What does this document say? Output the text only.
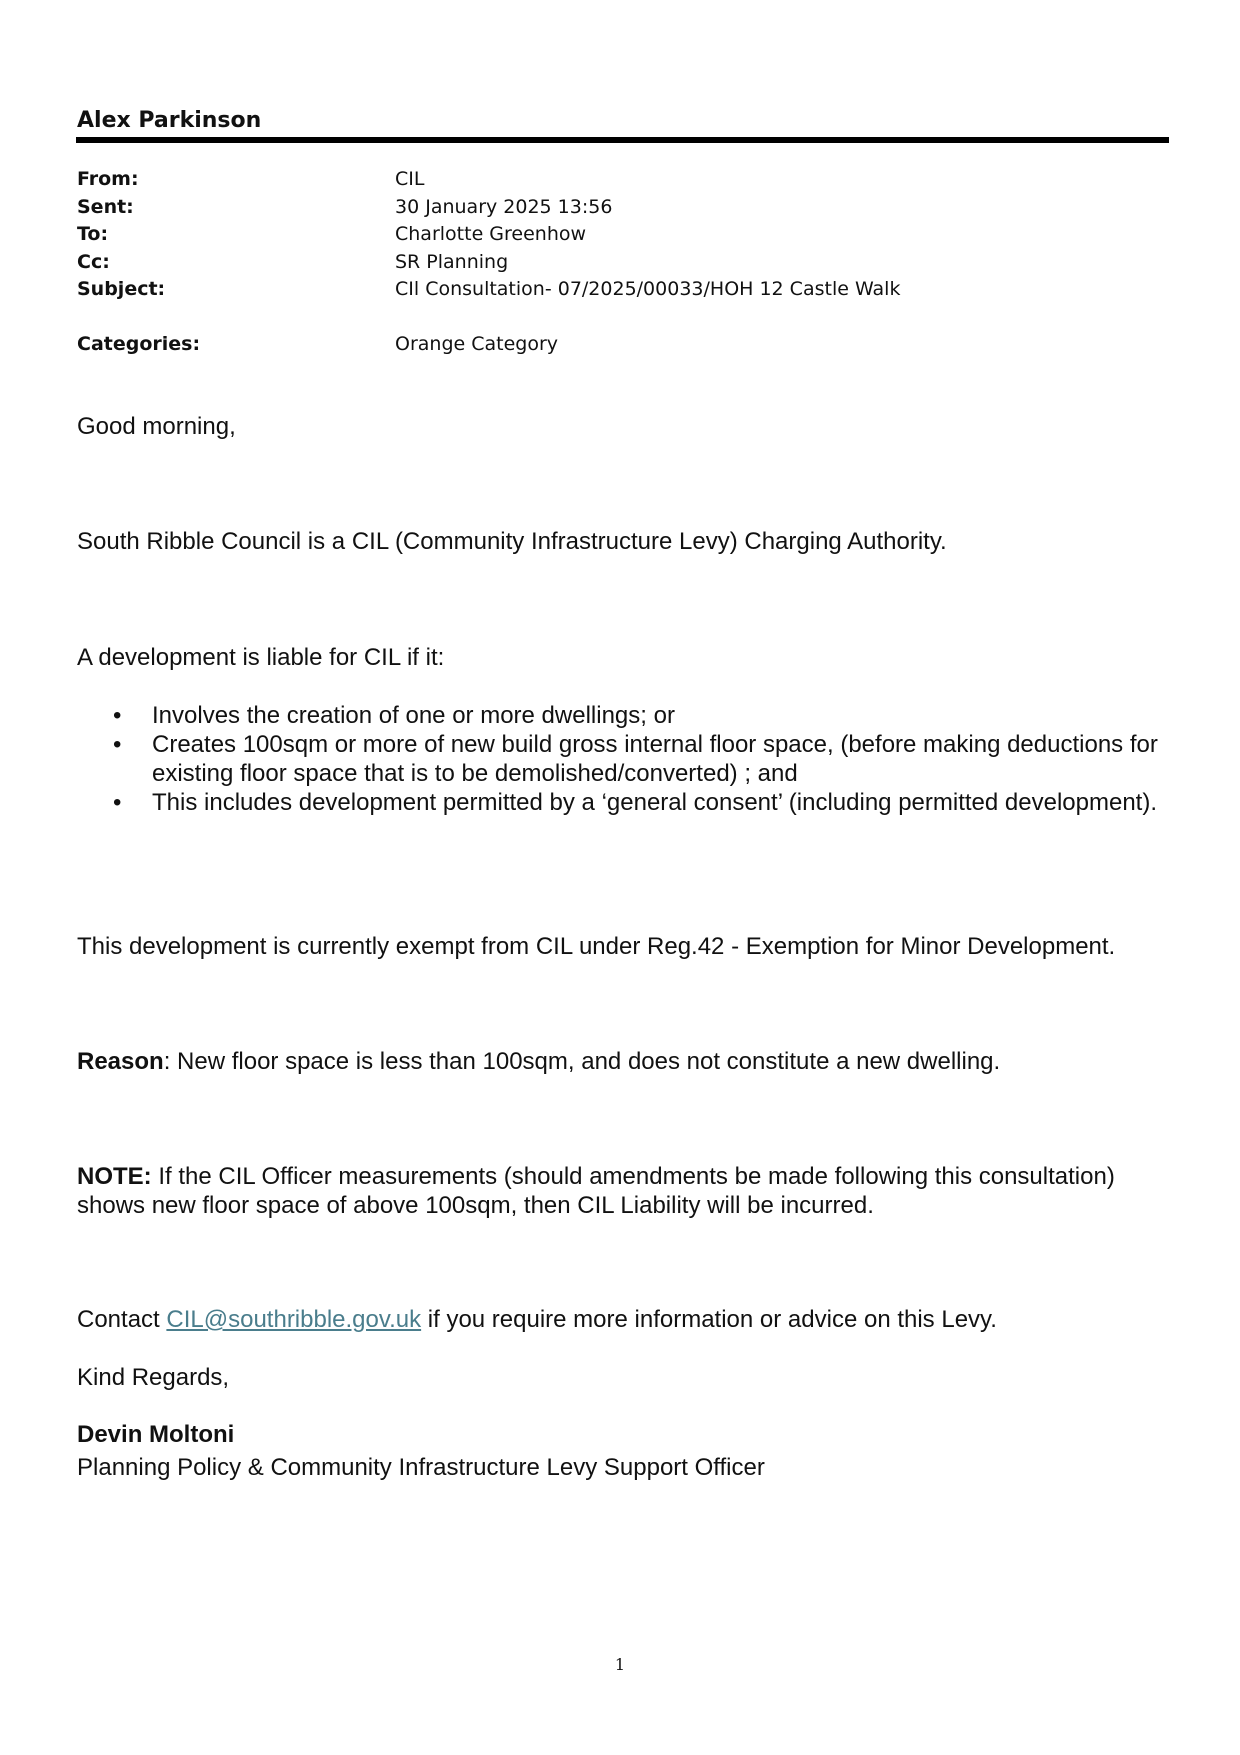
Alex Parkinson
From:	CIL
Sent:	30 January 2025 13:56
To:	Charlotte Greenhow
Cc:	SR Planning
Subject:	CIl Consultation- 07/2025/00033/HOH 12 Castle Walk
Categories:	Orange Category
Good morning,
South Ribble Council is a CIL (Community Infrastructure Levy) Charging Authority.
A development is liable for CIL if it:
• Involves the creation of one or more dwellings; or
• Creates 100sqm or more of new build gross internal floor space, (before making deductions for existing floor space that is to be demolished/converted) ; and
• This includes development permitted by a ‘general consent’ (including permitted development).
This development is currently exempt from CIL under Reg.42 - Exemption for Minor Development.
Reason: New floor space is less than 100sqm, and does not constitute a new dwelling.
NOTE: If the CIL Officer measurements (should amendments be made following this consultation)
shows new floor space of above 100sqm, then CIL Liability will be incurred.
Contact CIL@southribble.gov.uk if you require more information or advice on this Levy.
Kind Regards,
Devin Moltoni
Planning Policy & Community Infrastructure Levy Support Officer
1
